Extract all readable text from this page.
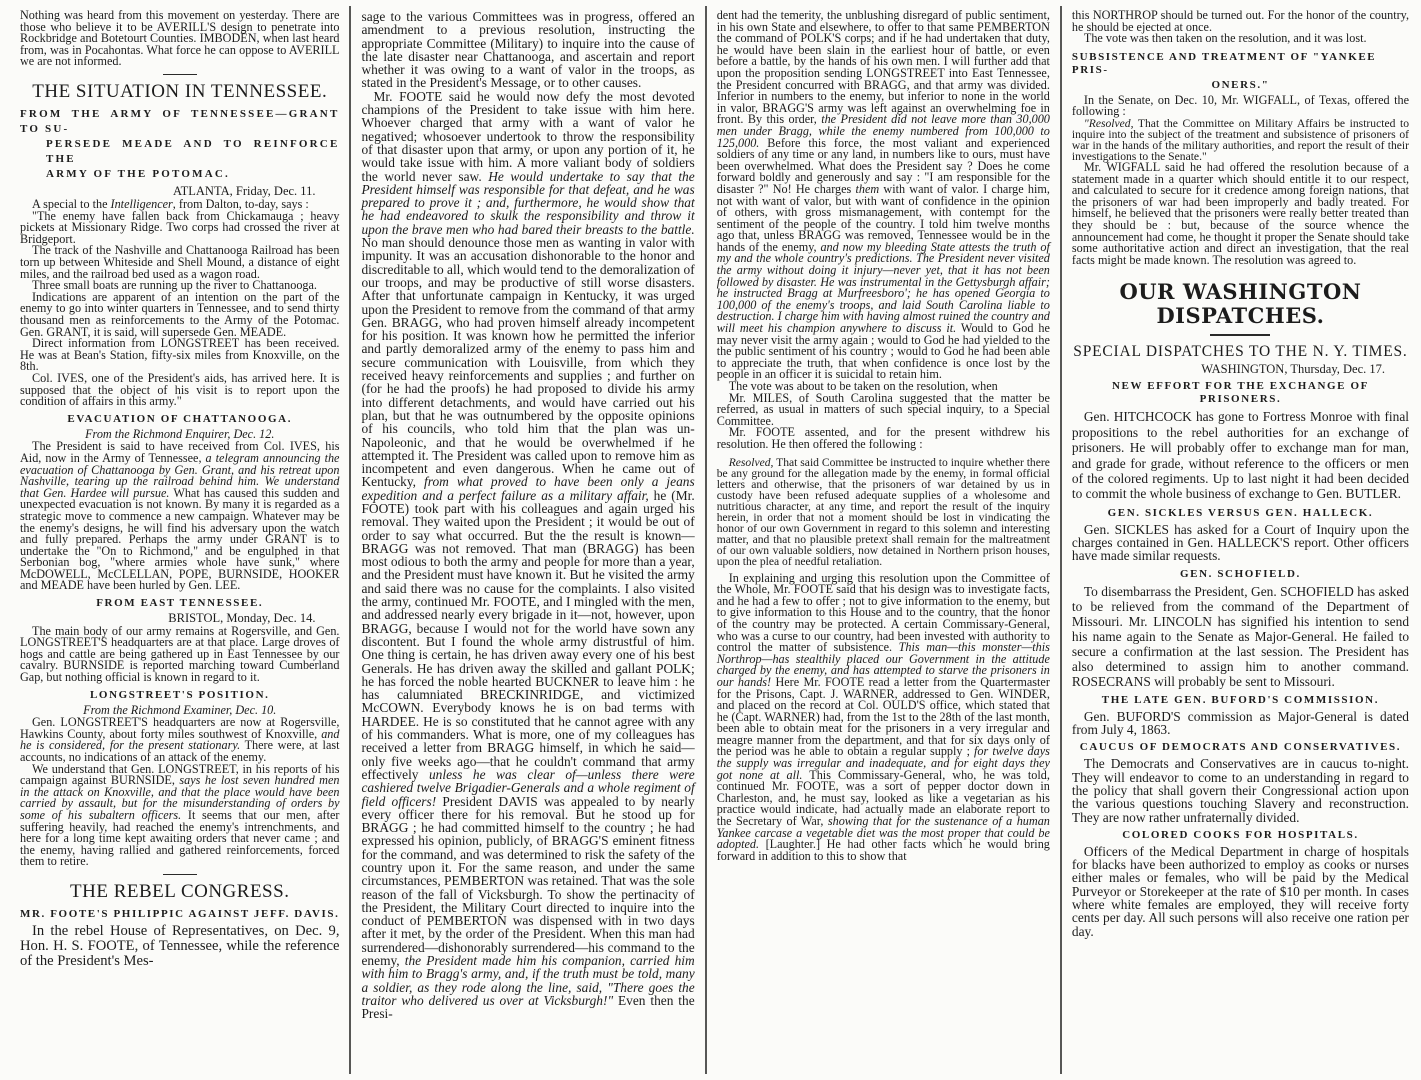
Nothing was heard from this movement on yesterday. There are those who believe it to be AVERILL'S design to penetrate into Rockbridge and Botetourt Counties. IMBODEN, when last heard from, was in Pocahontas. What force he can oppose to AVERILL we are not informed.

THE SITUATION IN TENNESSEE.
FROM THE ARMY OF TENNESSEE—GRANT TO SU-
PERSEDE MEADE AND TO REINFORCE THE
ARMY OF THE POTOMAC.
ATLANTA, Friday, Dec. 11.

A special to the Intelligencer, from Dalton, to-day, says :

"The enemy have fallen back from Chickamauga ; heavy pickets at Missionary Ridge. Two corps had crossed the river at Bridgeport.

The track of the Nashville and Chattanooga Railroad has been torn up between Whiteside and Shell Mound, a distance of eight miles, and the railroad bed used as a wagon road.

Three small boats are running up the river to Chattanooga.

Indications are apparent of an intention on the part of the enemy to go into winter quarters in Tennessee, and to send thirty thousand men as reinforcements to the Army of the Potomac. Gen. GRANT, it is said, will supersede Gen. MEADE.

Direct information from LONGSTREET has been received. He was at Bean's Station, fifty-six miles from Knoxville, on the 8th.

Col. IVES, one of the President's aids, has arrived here. It is supposed that the object of his visit is to report upon the condition of affairs in this army."

EVACUATION OF CHATTANOOGA.
From the Richmond Enquirer, Dec. 12.

The President is said to have received from Col. IVES, his Aid, now in the Army of Tennessee, a telegram announcing the evacuation of Chattanooga by Gen. Grant, and his retreat upon Nashville, tearing up the railroad behind him. We understand that Gen. Hardee will pursue. What has caused this sudden and unexpected evacuation is not known. By many it is regarded as a strategic move to commence a new campaign. Whatever may be the enemy's designs, he will find his adversary upon the watch and fully prepared. Perhaps the army under GRANT is to undertake the "On to Richmond," and be engulphed in that Serbonian bog, "where armies whole have sunk," where McDOWELL, McCLELLAN, POPE, BURNSIDE, HOOKER and MEADE have been hurled by Gen. LEE.

FROM EAST TENNESSEE.
BRISTOL, Monday, Dec. 14.

The main body of our army remains at Rogersville, and Gen. LONGSTREET'S headquarters are at that place. Large droves of hogs and cattle are being gathered up in East Tennessee by our cavalry. BURNSIDE is reported marching toward Cumberland Gap, but nothing official is known in regard to it.

LONGSTREET'S POSITION.
From the Richmond Examiner, Dec. 10.

Gen. LONGSTREET'S headquarters are now at Rogersville, Hawkins County, about forty miles southwest of Knoxville, and he is considered, for the present stationary. There were, at last accounts, no indications of an attack of the enemy.

We understand that Gen. LONGSTREET, in his reports of his campaign against BURNSIDE, says he lost seven hundred men in the attack on Knoxville, and that the place would have been carried by assault, but for the misunderstanding of orders by some of his subaltern officers. It seems that our men, after suffering heavily, had reached the enemy's intrenchments, and here for a long time kept awaiting orders that never came ; and the enemy, having rallied and gathered reinforcements, forced them to retire.

THE REBEL CONGRESS.
MR. FOOTE'S PHILIPPIC AGAINST JEFF. DAVIS.

In the rebel House of Representatives, on Dec. 9, Hon. H. S. FOOTE, of Tennessee, while the reference of the President's Mes-

sage to the various Committees was in progress, offered an amendment to a previous resolution, instructing the appropriate Committee (Military) to inquire into the cause of the late disaster near Chattanooga, and ascertain and report whether it was owing to a want of valor in the troops, as stated in the President's Message, or to other causes.

Mr. FOOTE said he would now defy the most devoted champions of the President to take issue with him here. Whoever charged that army with a want of valor he negatived; whosoever undertook to throw the responsibility of that disaster upon that army, or upon any portion of it, he would take issue with him. A more valiant body of soldiers the world never saw. He would undertake to say that the President himself was responsible for that defeat, and he was prepared to prove it ; and, furthermore, he would show that he had endeavored to skulk the responsibility and throw it upon the brave men who had bared their breasts to the battle. No man should denounce those men as wanting in valor with impunity. It was an accusation dishonorable to the honor and discreditable to all, which would tend to the demoralization of our troops, and may be productive of still worse disasters. After that unfortunate campaign in Kentucky, it was urged upon the President to remove from the command of that army Gen. BRAGG, who had proven himself already incompetent for his position. It was known how he permitted the inferior and partly demoralized army of the enemy to pass him and secure communication with Louisville, from which they received heavy reinforcements and supplies ; and further on (for he had the proofs) he had proposed to divide his army into different detachments, and would have carried out his plan, but that he was outnumbered by the opposite opinions of his councils, who told him that the plan was un-Napoleonic, and that he would be overwhelmed if he attempted it. The President was called upon to remove him as incompetent and even dangerous. When he came out of Kentucky, from what proved to have been only a jeans expedition and a perfect failure as a military affair, he (Mr. FOOTE) took part with his colleagues and again urged his removal. They waited upon the President ; it would be out of order to say what occurred. But the the result is known—BRAGG was not removed. That man (BRAGG) has been most odious to both the army and people for more than a year, and the President must have known it. But he visited the army and said there was no cause for the complaints. I also visited the army, continued Mr. FOOTE, and I mingled with the men, and addressed nearly every brigade in it—not, however, upon BRAGG, because I would not for the world have sown any discontent. But I found the whole army distrustful of him. One thing is certain, he has driven away every one of his best Generals. He has driven away the skilled and gallant POLK; he has forced the noble hearted BUCKNER to leave him : he has calumniated BRECKINRIDGE, and victimized McCOWN. Everybody knows he is on bad terms with HARDEE. He is so constituted that he cannot agree with any of his commanders. What is more, one of my colleagues has received a letter from BRAGG himself, in which he said—only five weeks ago—that he couldn't command that army effectively unless he was clear of—unless there were cashiered twelve Brigadier-Generals and a whole regiment of field officers! President DAVIS was appealed to by nearly every officer there for his removal. But he stood up for BRAGG ; he had committed himself to the country ; he had expressed his opinion, publicly, of BRAGG'S eminent fitness for the command, and was determined to risk the safety of the country upon it. For the same reason, and under the same circumstances, PEMBERTON was retained. That was the sole reason of the fall of Vicksburgh. To show the pertinacity of the President, the Military Court directed to inquire into the conduct of PEMBERTON was dispensed with in two days after it met, by the order of the President. When this man had surrendered—dishonorably surrendered—his command to the enemy, the President made him his companion, carried him with him to Bragg's army, and, if the truth must be told, many a soldier, as they rode along the line, said, "There goes the traitor who delivered us over at Vicksburgh!" Even then the Presi-

dent had the temerity, the unblushing disregard of public sentiment, in his own State and elsewhere, to offer to that same PEMBERTON the command of POLK'S corps; and if he had undertaken that duty, he would have been slain in the earliest hour of battle, or even before a battle, by the hands of his own men. I will further add that upon the proposition sending LONGSTREET into East Tennessee, the President concurred with BRAGG, and that army was divided. Inferior in numbers to the enemy, but inferior to none in the world in valor, BRAGG'S army was left against an overwhelming foe in front. By this order, the President did not leave more than 30,000 men under Bragg, while the enemy numbered from 100,000 to 125,000. Before this force, the most valiant and experienced soldiers of any time or any land, in numbers like to ours, must have been overwhelmed. What does the President say ? Does he come forward boldly and generously and say : "I am responsible for the disaster ?" No! He charges them with want of valor. I charge him, not with want of valor, but with want of confidence in the opinion of others, with gross mismanagement, with contempt for the sentiment of the people of the country. I told him twelve months ago that, unless BRAGG was removed, Tennessee would be in the hands of the enemy, and now my bleeding State attests the truth of my and the whole country's predictions. The President never visited the army without doing it injury—never yet, that it has not been followed by disaster. He was instrumental in the Gettysburgh affair; he instructed Bragg at Murfreesboro'; he has opened Georgia to 100,000 of the enemy's troops, and laid South Carolina liable to destruction. I charge him with having almost ruined the country and will meet his champion anywhere to discuss it. Would to God he may never visit the army again ; would to God he had yielded to the the public sentiment of his country ; would to God he had been able to appreciate the truth, that when confidence is once lost by the people in an officer it is suicidal to retain him.

The vote was about to be taken on the resolution, when

Mr. MILES, of South Carolina suggested that the matter be referred, as usual in matters of such special inquiry, to a Special Committee.

Mr. FOOTE assented, and for the present withdrew his resolution. He then offered the following :

Resolved, That said Committee be instructed to inquire whether there be any ground for the allegation made by the enemy, in formal official letters and otherwise, that the prisoners of war detained by us in custody have been refused adequate supplies of a wholesome and nutritious character, at any time, and report the result of the inquiry herein, in order that not a moment should be lost in vindicating the honor of our own Government in regard to this solemn and interesting matter, and that no plausible pretext shall remain for the maltreatment of our own valuable soldiers, now detained in Northern prison houses, upon the plea of needful retaliation.

In explaining and urging this resolution upon the Committee of the Whole, Mr. FOOTE said that his design was to investigate facts, and he had a few to offer ; not to give information to the enemy, but to give information to this House and to the country, that the honor of the country may be protected. A certain Commissary-General, who was a curse to our country, had been invested with authority to control the matter of subsistence. This man—this monster—this Northrop—has stealthily placed our Government in the attitude charged by the enemy, and has attempted to starve the prisoners in our hands! Here Mr. FOOTE read a letter from the Quartermaster for the Prisons, Capt. J. WARNER, addressed to Gen. WINDER, and placed on the record at Col. OULD'S office, which stated that he (Capt. WARNER) had, from the 1st to the 28th of the last month, been able to obtain meat for the prisoners in a very irregular and meagre manner from the department, and that for six days only of the period was he able to obtain a regular supply ; for twelve days the supply was irregular and inadequate, and for eight days they got none at all. This Commissary-General, who, he was told, continued Mr. FOOTE, was a sort of pepper doctor down in Charleston, and, he must say, looked as like a vegetarian as his practice would indicate, had actually made an elaborate report to the Secretary of War, showing that for the sustenance of a human Yankee carcase a vegetable diet was the most proper that could be adopted. [Laughter.] He had other facts which he would bring forward in addition to this to show that

this NORTHROP should be turned out. For the honor of the country, he should be ejected at once.

The vote was then taken on the resolution, and it was lost.

SUBSISTENCE AND TREATMENT OF "YANKEE PRIS-
ONERS."

In the Senate, on Dec. 10, Mr. WIGFALL, of Texas, offered the following :

"Resolved, That the Committee on Military Affairs be instructed to inquire into the subject of the treatment and subsistence of prisoners of war in the hands of the military authorities, and report the result of their investigations to the Senate."

Mr. WIGFALL said he had offered the resolution because of a statement made in a quarter which should entitle it to our respect, and calculated to secure for it credence among foreign nations, that the prisoners of war had been improperly and badly treated. For himself, he believed that the prisoners were really better treated than they should be : but, because of the source whence the announcement had come, he thought it proper the Senate should take some authoritative action and direct an investigation, that the real facts might be made known. The resolution was agreed to.

OUR WASHINGTON DISPATCHES.
SPECIAL DISPATCHES TO THE N. Y. TIMES.
WASHINGTON, Thursday, Dec. 17.
NEW EFFORT FOR THE EXCHANGE OF PRISONERS.

Gen. HITCHCOCK has gone to Fortress Monroe with final propositions to the rebel authorities for an exchange of prisoners. He will probably offer to exchange man for man, and grade for grade, without reference to the officers or men of the colored regiments. Up to last night it had been decided to commit the whole business of exchange to Gen. BUTLER.

GEN. SICKLES VERSUS GEN. HALLECK.

Gen. SICKLES has asked for a Court of Inquiry upon the charges contained in Gen. HALLECK'S report. Other officers have made similar requests.

GEN. SCHOFIELD.

To disembarrass the President, Gen. SCHOFIELD has asked to be relieved from the command of the Department of Missouri. Mr. LINCOLN has signified his intention to send his name again to the Senate as Major-General. He failed to secure a confirmation at the last session. The President has also determined to assign him to another command. ROSECRANS will probably be sent to Missouri.

THE LATE GEN. BUFORD'S COMMISSION.

Gen. BUFORD'S commission as Major-General is dated from July 4, 1863.

CAUCUS OF DEMOCRATS AND CONSERVATIVES.

The Democrats and Conservatives are in caucus to-night. They will endeavor to come to an understanding in regard to the policy that shall govern their Congressional action upon the various questions touching Slavery and reconstruction. They are now rather unfraternally divided.

COLORED COOKS FOR HOSPITALS.

Officers of the Medical Department in charge of hospitals for blacks have been authorized to employ as cooks or nurses either males or females, who will be paid by the Medical Purveyor or Storekeeper at the rate of $10 per month. In cases where white females are employed, they will receive forty cents per day. All such persons will also receive one ration per day.
